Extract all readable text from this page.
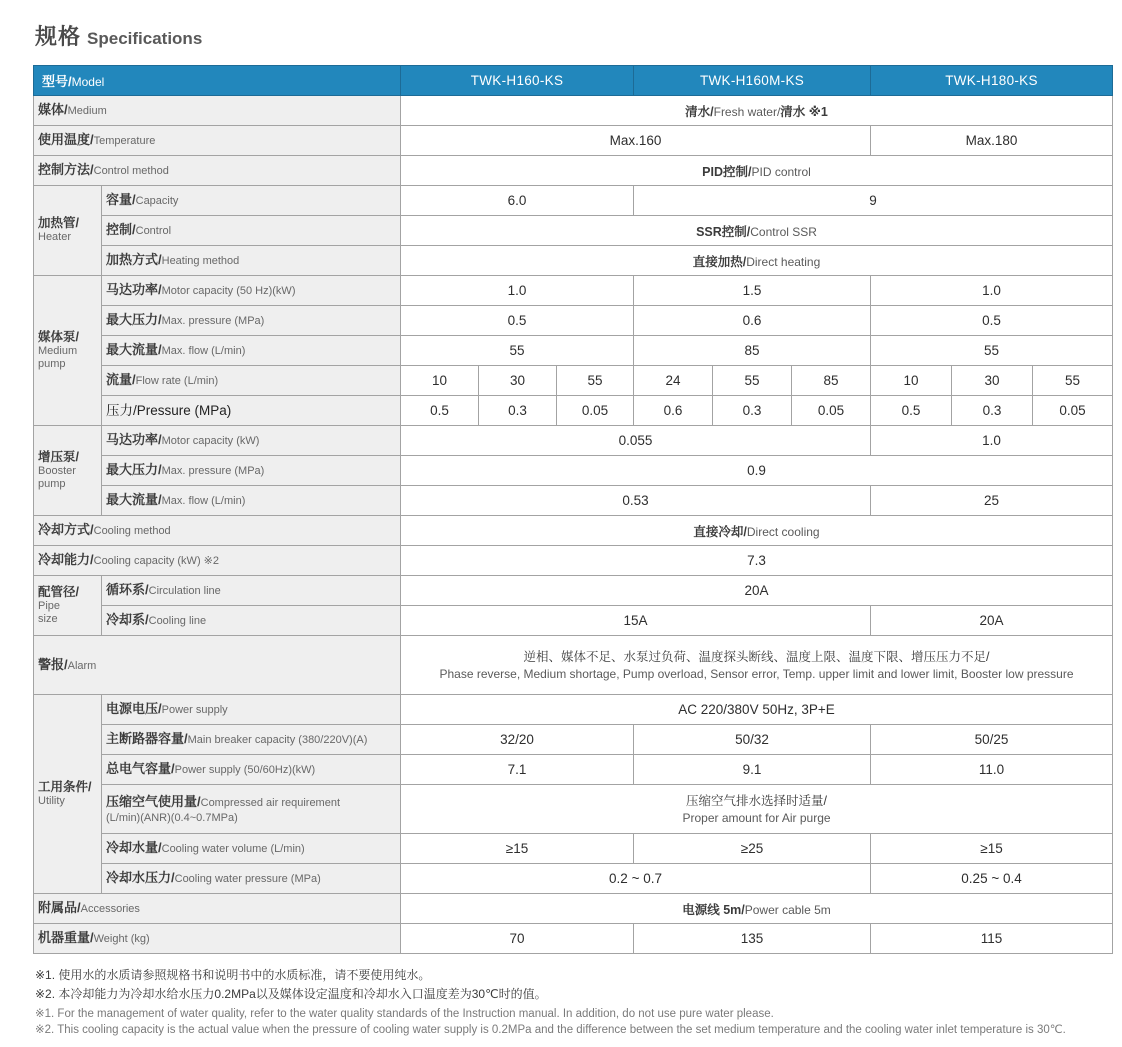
规格 Specifications
型号/Model		TWK-H160-KS			TWK-H160M-KS			TWK-H180-KS		
媒体/Medium		清水/Fresh water/清水 ※1								
使用温度/Temperature		Max.160						Max.180		
控制方法/Control method		PID控制/PID control								

加热管/
Heater	容量/Capacity	6.0			9					
	控制/Control	SSR控制/Control SSR								
	加热方式/Heating method	直接加热/Direct heating								

媒体泵/
Medium
pump	马达功率/Motor capacity (50 Hz)(kW)	1.0			1.5			1.0		
	最大压力/Max. pressure (MPa)	0.5			0.6			0.5		
	最大流量/Max. flow (L/min)	55			85			55		
	流量/Flow rate (L/min)	10	30	55	24	55	85	10	30	55
	压力/Pressure (MPa)	0.5	0.3	0.05	0.6	0.3	0.05	0.5	0.3	0.05

增压泵/
Booster
pump	马达功率/Motor capacity (kW)	0.055						1.0		
	最大压力/Max. pressure (MPa)	0.9								
	最大流量/Max. flow (L/min)	0.53						25		
冷却方式/Cooling method		直接冷却/Direct cooling								
冷却能力/Cooling capacity (kW) ※2		7.3								

配管径/
Pipe
size	循环系/Circulation line	20A								
	冷却系/Cooling line	15A						20A		
警报/Alarm		逆相、媒体不足、水泵过负荷、温度探头断线、温度上限、温度下限、增压压力不足/
Phase reverse, Medium shortage, Pump overload, Sensor error, Temp. upper limit and lower limit, Booster low pressure								

工用条件/
Utility	电源电压/Power supply	AC 220/380V 50Hz, 3P+E								
	主断路器容量/Main breaker capacity (380/220V)(A)	32/20			50/32			50/25		
	总电气容量/Power supply (50/60Hz)(kW)	7.1			9.1			11.0		
	压缩空气使用量/Compressed air requirement
(L/min)(ANR)(0.4~0.7MPa)	压缩空气排水选择时适量/
Proper amount for Air purge								

	冷却水量/Cooling water volume (L/min)	≥15			≥25			≥15		
	冷却水压力/Cooling water pressure (MPa)	0.2 ~ 0.7						0.25 ~ 0.4		
附属品/Accessories		电源线 5m/Power cable 5m								
机器重量/Weight (kg)		70			135			115		
※1. 使用水的水质请参照规格书和说明书中的水质标准，请不要使用纯水。
※2. 本冷却能力为冷却水给水压力0.2MPa以及媒体设定温度和冷却水入口温度差为30℃时的值。
※1. For the management of water quality, refer to the water quality standards of the Instruction manual. In addition, do not use pure water please.
※2. This cooling capacity is the actual value when the pressure of cooling water supply is 0.2MPa and the difference between the set medium temperature and the cooling water inlet temperature is 30℃.
